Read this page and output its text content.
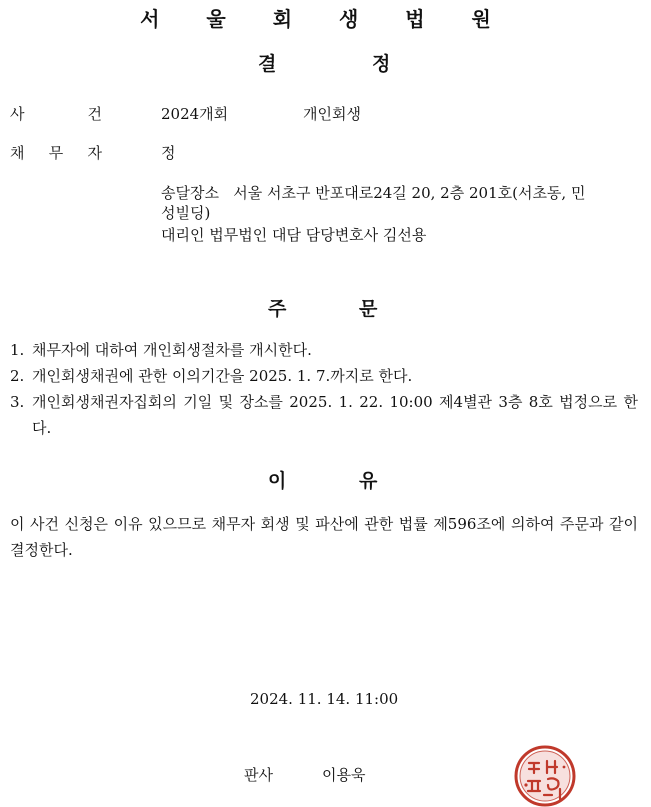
서 울 회 생 법 원
결	정
사	건	2024개회	개인회생
채 무 자	정
송달장소   서울 서초구 반포대로24길 20, 2층 201호(서초동, 민
성빌딩)
대리인 법무법인 대담 담당변호사 김선용
주	문
1. 채무자에 대하여 개인회생절차를 개시한다.
2. 개인회생채권에 관한 이의기간을 2025. 1. 7.까지로 한다.
3. 개인회생채권자집회의 기일 및 장소를 2025. 1. 22. 10:00 제4별관 3층 8호 법정으로 한다.
이	유
이 사건 신청은 이유 있으므로 채무자 회생 및 파산에 관한 법률 제596조에 의하여 주문과 같이 결정한다.
2024. 11. 14. 11:00
판사	이용욱
